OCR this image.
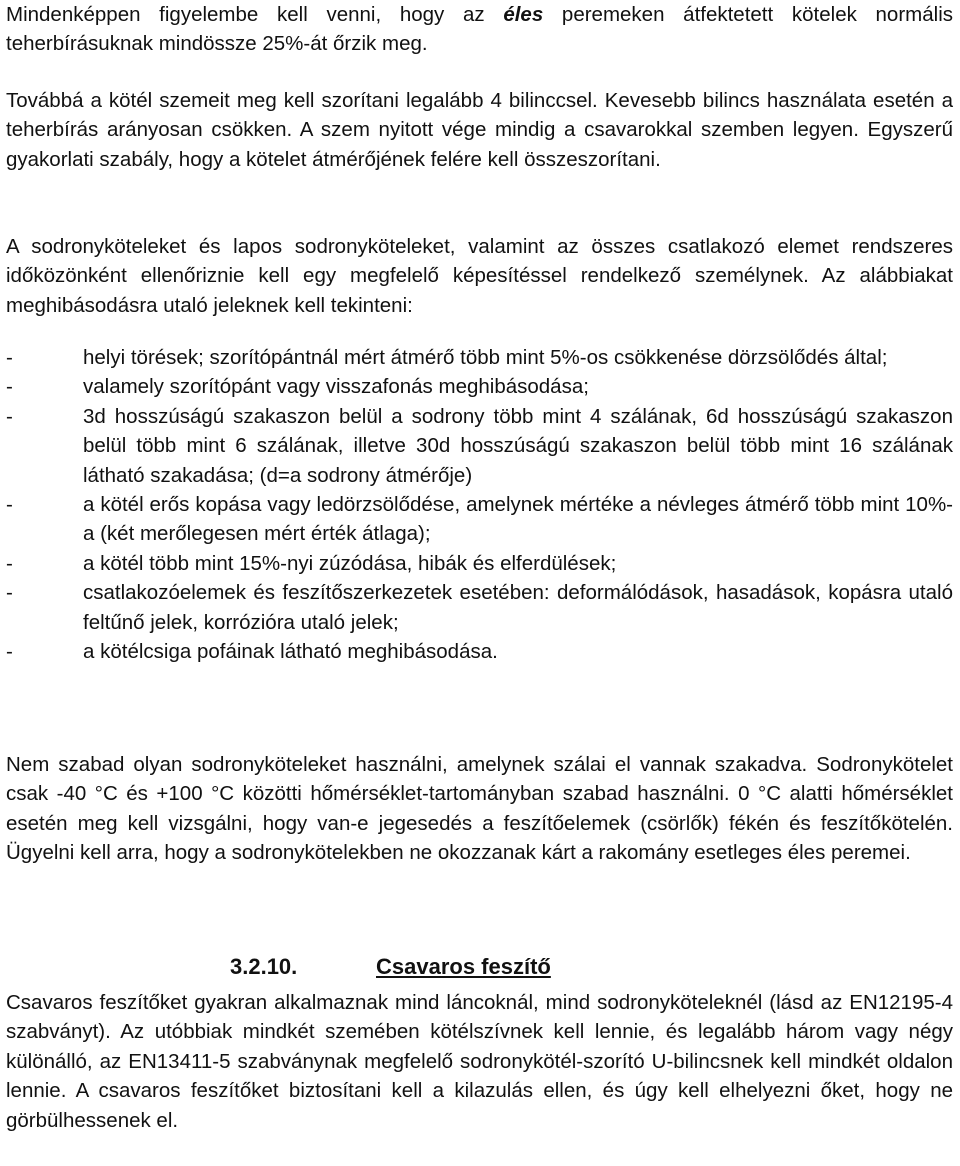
Mindenképpen figyelembe kell venni, hogy az éles peremeken átfektetett kötelek normális teherbírásuknak mindössze 25%-át őrzik meg.

Továbbá a kötél szemeit meg kell szorítani legalább 4 bilinccsel. Kevesebb bilincs használata esetén a teherbírás arányosan csökken. A szem nyitott vége mindig a csavarokkal szemben legyen. Egyszerű gyakorlati szabály, hogy a kötelet átmérőjének felére kell összeszorítani.

A sodronyköteleket és lapos sodronyköteleket, valamint az összes csatlakozó elemet rendszeres időközönként ellenőriznie kell egy megfelelő képesítéssel rendelkező személynek. Az alábbiakat meghibásodásra utaló jeleknek kell tekinteni:

-	helyi törések; szorítópántnál mért átmérő több mint 5%-os csökkenése dörzsölődés által;
-	valamely szorítópánt vagy visszafonás meghibásodása;
-	3d hosszúságú szakaszon belül a sodrony több mint 4 szálának, 6d hosszúságú szakaszon belül több mint 6 szálának, illetve 30d hosszúságú szakaszon belül több mint 16 szálának látható szakadása; (d=a sodrony átmérője)
-	a kötél erős kopása vagy ledörzsölődése, amelynek mértéke a névleges átmérő több mint 10%-a (két merőlegesen mért érték átlaga);
-	a kötél több mint 15%-nyi zúzódása, hibák és elferdülések;
-	csatlakozóelemek és feszítőszerkezetek esetében: deformálódások, hasadások, kopásra utaló feltűnő jelek, korrózióra utaló jelek;
-	a kötélcsiga pofáinak látható meghibásodása.

Nem szabad olyan sodronyköteleket használni, amelynek szálai el vannak szakadva. Sodronykötelet csak -40 °C és +100 °C közötti hőmérséklet-tartományban szabad használni. 0 °C alatti hőmérséklet esetén meg kell vizsgálni, hogy van-e jegesedés a feszítőelemek (csörlők) fékén és feszítőkötelén. Ügyelni kell arra, hogy a sodronykötelekben ne okozzanak kárt a rakomány esetleges éles peremei.

3.2.10.	Csavaros feszítő

Csavaros feszítőket gyakran alkalmaznak mind láncoknál, mind sodronyköteleknél (lásd az EN12195-4 szabványt). Az utóbbiak mindkét szemében kötélszívnek kell lennie, és legalább három vagy négy különálló, az EN13411-5 szabványnak megfelelő sodronykötél-szorító U-bilincsnek kell mindkét oldalon lennie. A csavaros feszítőket biztosítani kell a kilazulás ellen, és úgy kell elhelyezni őket, hogy ne görbülhessenek el.
